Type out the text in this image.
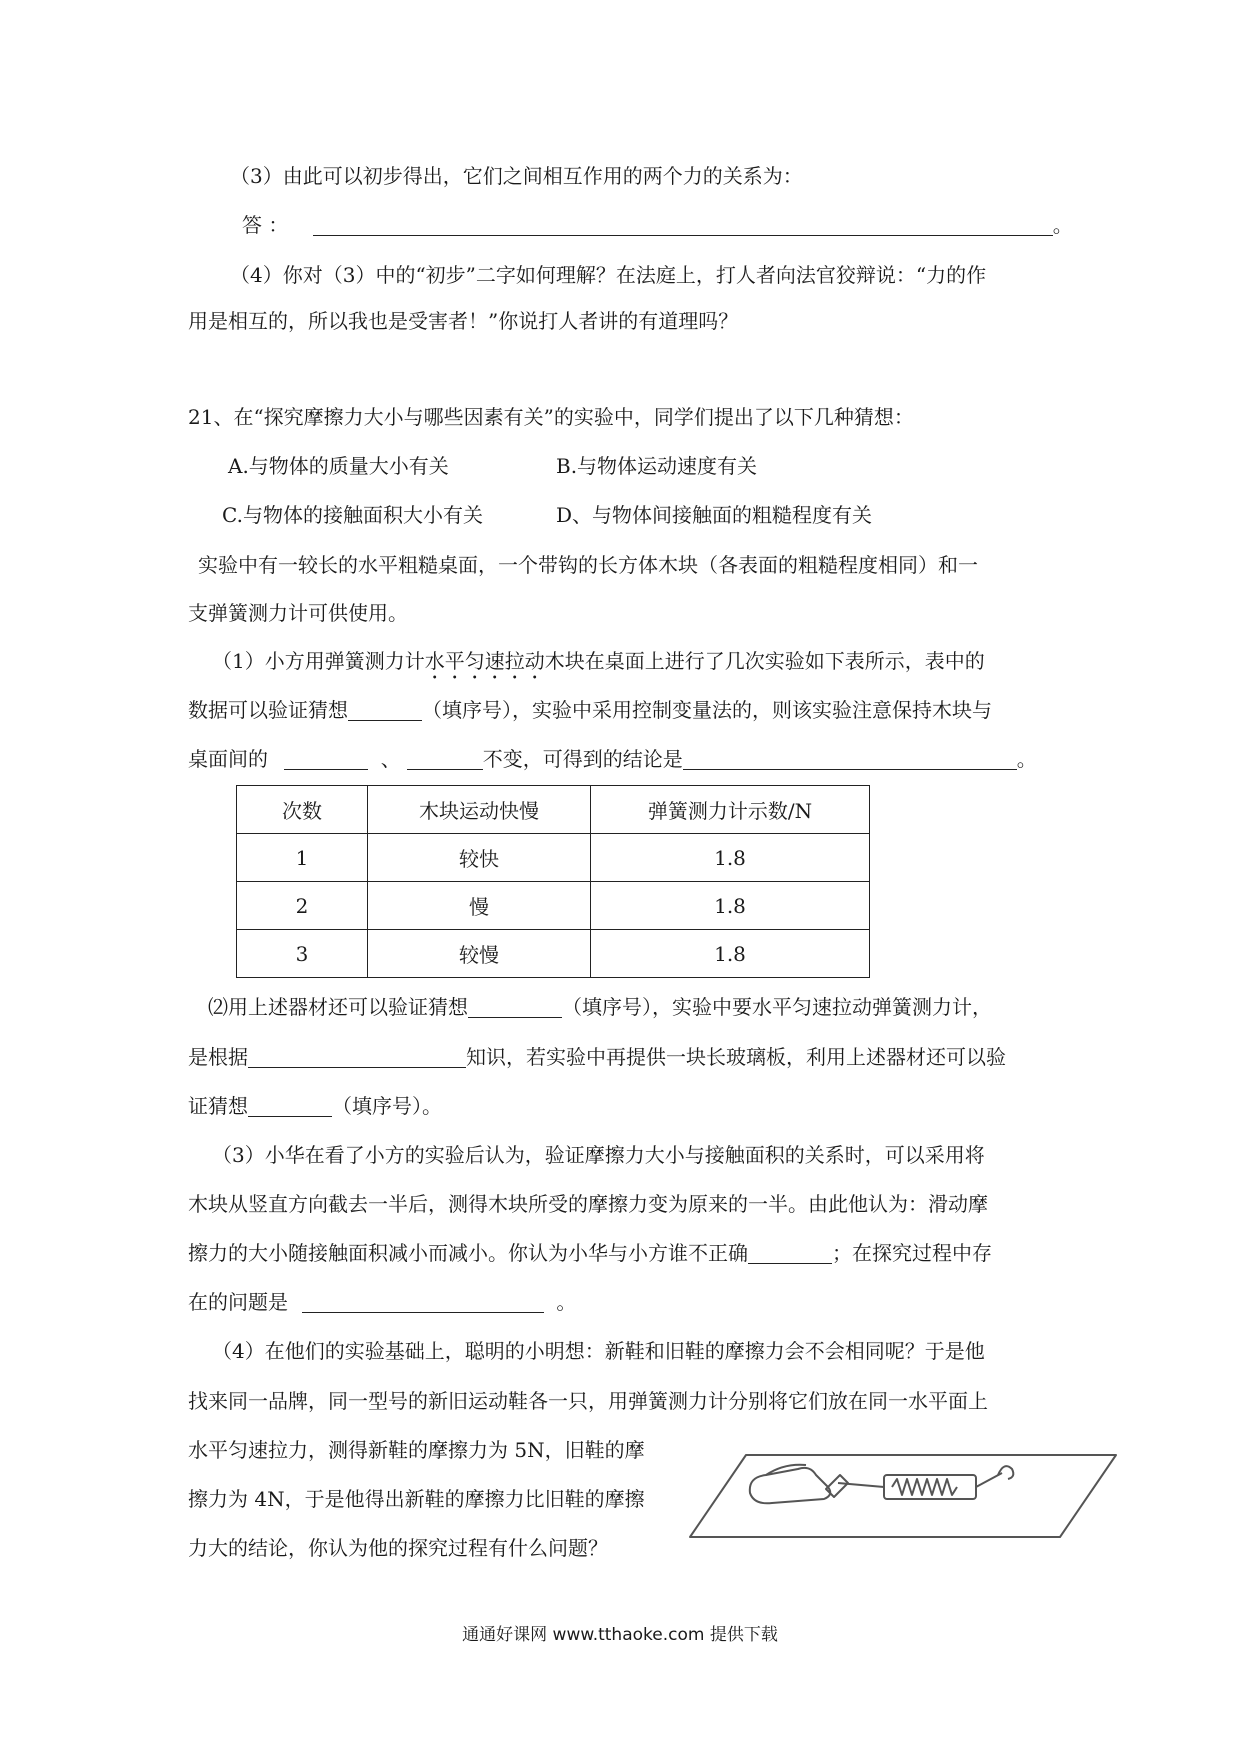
（3）由此可以初步得出，它们之间相互作用的两个力的关系为：
答 ：	。
（4）你对（3）中的“初步”二字如何理解？在法庭上，打人者向法官狡辩说：“力的作
用是相互的，所以我也是受害者！”你说打人者讲的有道理吗？
21、在“探究摩擦力大小与哪些因素有关”的实验中，同学们提出了以下几种猜想：
A.与物体的质量大小有关	B.与物体运动速度有关
C.与物体的接触面积大小有关	D、与物体间接触面的粗糙程度有关
实验中有一较长的水平粗糙桌面，一个带钩的长方体木块（各表面的粗糙程度相同）和一
支弹簧测力计可供使用。
（1）小方用弹簧测力计水平匀速拉动木块在桌面上进行了几次实验如下表所示，表中的
数据可以验证猜想	（填序号），实验中采用控制变量法的，则该实验注意保持木块与
桌面间的	、	不变，可得到的结论是	。
次数	木块运动快慢	弹簧测力计示数/N
1	较快	1.8
2	慢	1.8
3	较慢	1.8
⑵用上述器材还可以验证猜想	（填序号），实验中要水平匀速拉动弹簧测力计，
是根据	知识，若实验中再提供一块长玻璃板，利用上述器材还可以验
证猜想	（填序号）。
（3）小华在看了小方的实验后认为，验证摩擦力大小与接触面积的关系时，可以采用将
木块从竖直方向截去一半后，测得木块所受的摩擦力变为原来的一半。由此他认为：滑动摩
擦力的大小随接触面积减小而减小。你认为小华与小方谁不正确	；在探究过程中存
在的问题是	。
（4）在他们的实验基础上，聪明的小明想：新鞋和旧鞋的摩擦力会不会相同呢？于是他
找来同一品牌，同一型号的新旧运动鞋各一只，用弹簧测力计分别将它们放在同一水平面上
水平匀速拉力，测得新鞋的摩擦力为 5N，旧鞋的摩
擦力为 4N，于是他得出新鞋的摩擦力比旧鞋的摩擦
力大的结论，你认为他的探究过程有什么问题？
通通好课网 www.tthaoke.com 提供下载
